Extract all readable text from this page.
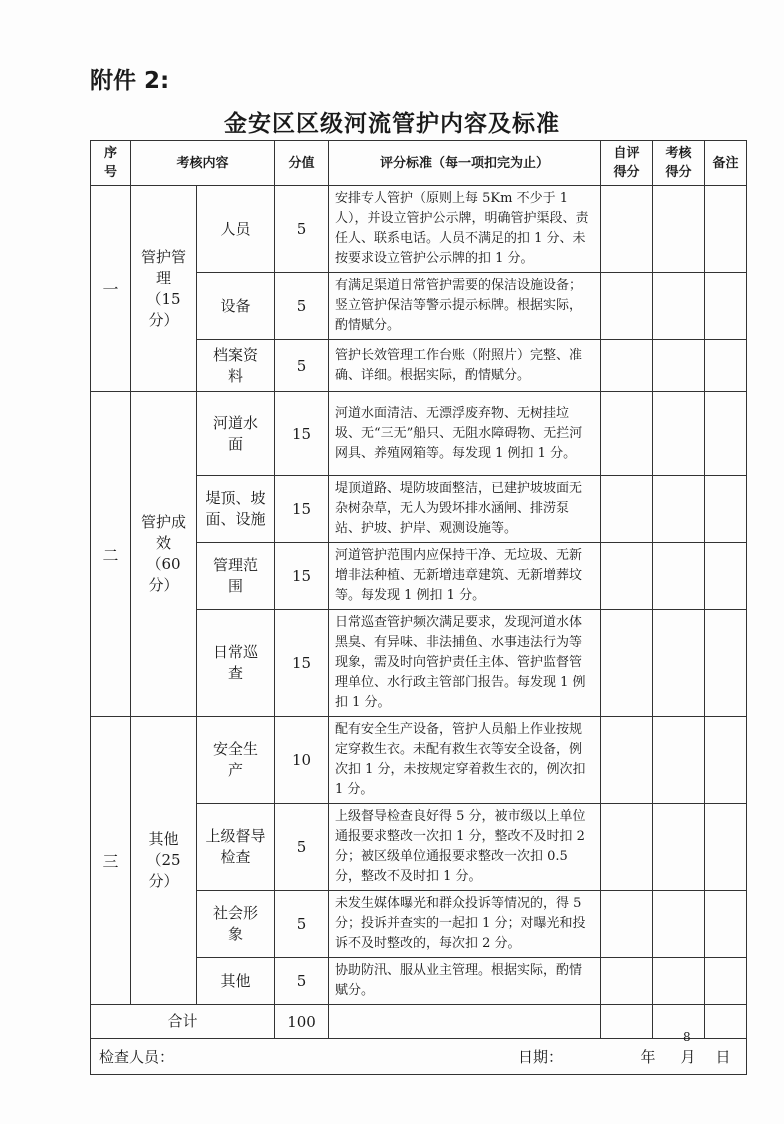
附件 2:
金安区区级河流管护内容及标准
序号	考核内容		分值	评分标准（每一项扣完为止）	自评得分	考核得分	备注
一	管护管理（15分）	人员	5	安排专人管护（原则上每 5Km 不少于 1 人），并设立管护公示牌，明确管护渠段、责任人、联系电话。人员不满足的扣 1 分、未按要求设立管护公示牌的扣 1 分。			
		设备	5	有满足渠道日常管护需要的保洁设施设备；竖立管护保洁等警示提示标牌。根据实际，酌情赋分。			
		档案资料	5	管护长效管理工作台账（附照片）完整、准确、详细。根据实际，酌情赋分。			
二	管护成效（60分）	河道水面	15	河道水面清洁、无漂浮废弃物、无树挂垃圾、无“三无”船只、无阻水障碍物、无拦河网具、养殖网箱等。每发现 1 例扣 1 分。			
		堤顶、坡面、设施	15	堤顶道路、堤防坡面整洁，已建护坡坡面无杂树杂草，无人为毁坏排水涵闸、排涝泵站、护坡、护岸、观测设施等。			
		管理范围	15	河道管护范围内应保持干净、无垃圾、无新增非法种植、无新增违章建筑、无新增葬坟等。每发现 1 例扣 1 分。			
		日常巡查	15	日常巡查管护频次满足要求，发现河道水体黑臭、有异味、非法捕鱼、水事违法行为等现象，需及时向管护责任主体、管护监督管理单位、水行政主管部门报告。每发现 1 例扣 1 分。			
三	其他（25分）	安全生产	10	配有安全生产设备，管护人员船上作业按规定穿救生衣。未配有救生衣等安全设备，例次扣 1 分，未按规定穿着救生衣的，例次扣 1 分。			
		上级督导检查	5	上级督导检查良好得 5 分，被市级以上单位通报要求整改一次扣 1 分，整改不及时扣 2 分；被区级单位通报要求整改一次扣 0.5 分，整改不及时扣 1 分。			
		社会形象	5	未发生媒体曝光和群众投诉等情况的，得 5 分；投诉并查实的一起扣 1 分；对曝光和投诉不及时整改的，每次扣 2 分。			
		其他	5	协助防汛、服从业主管理。根据实际，酌情赋分。			
合计			100				

检查人员： 日
月
年
日期：							
8
